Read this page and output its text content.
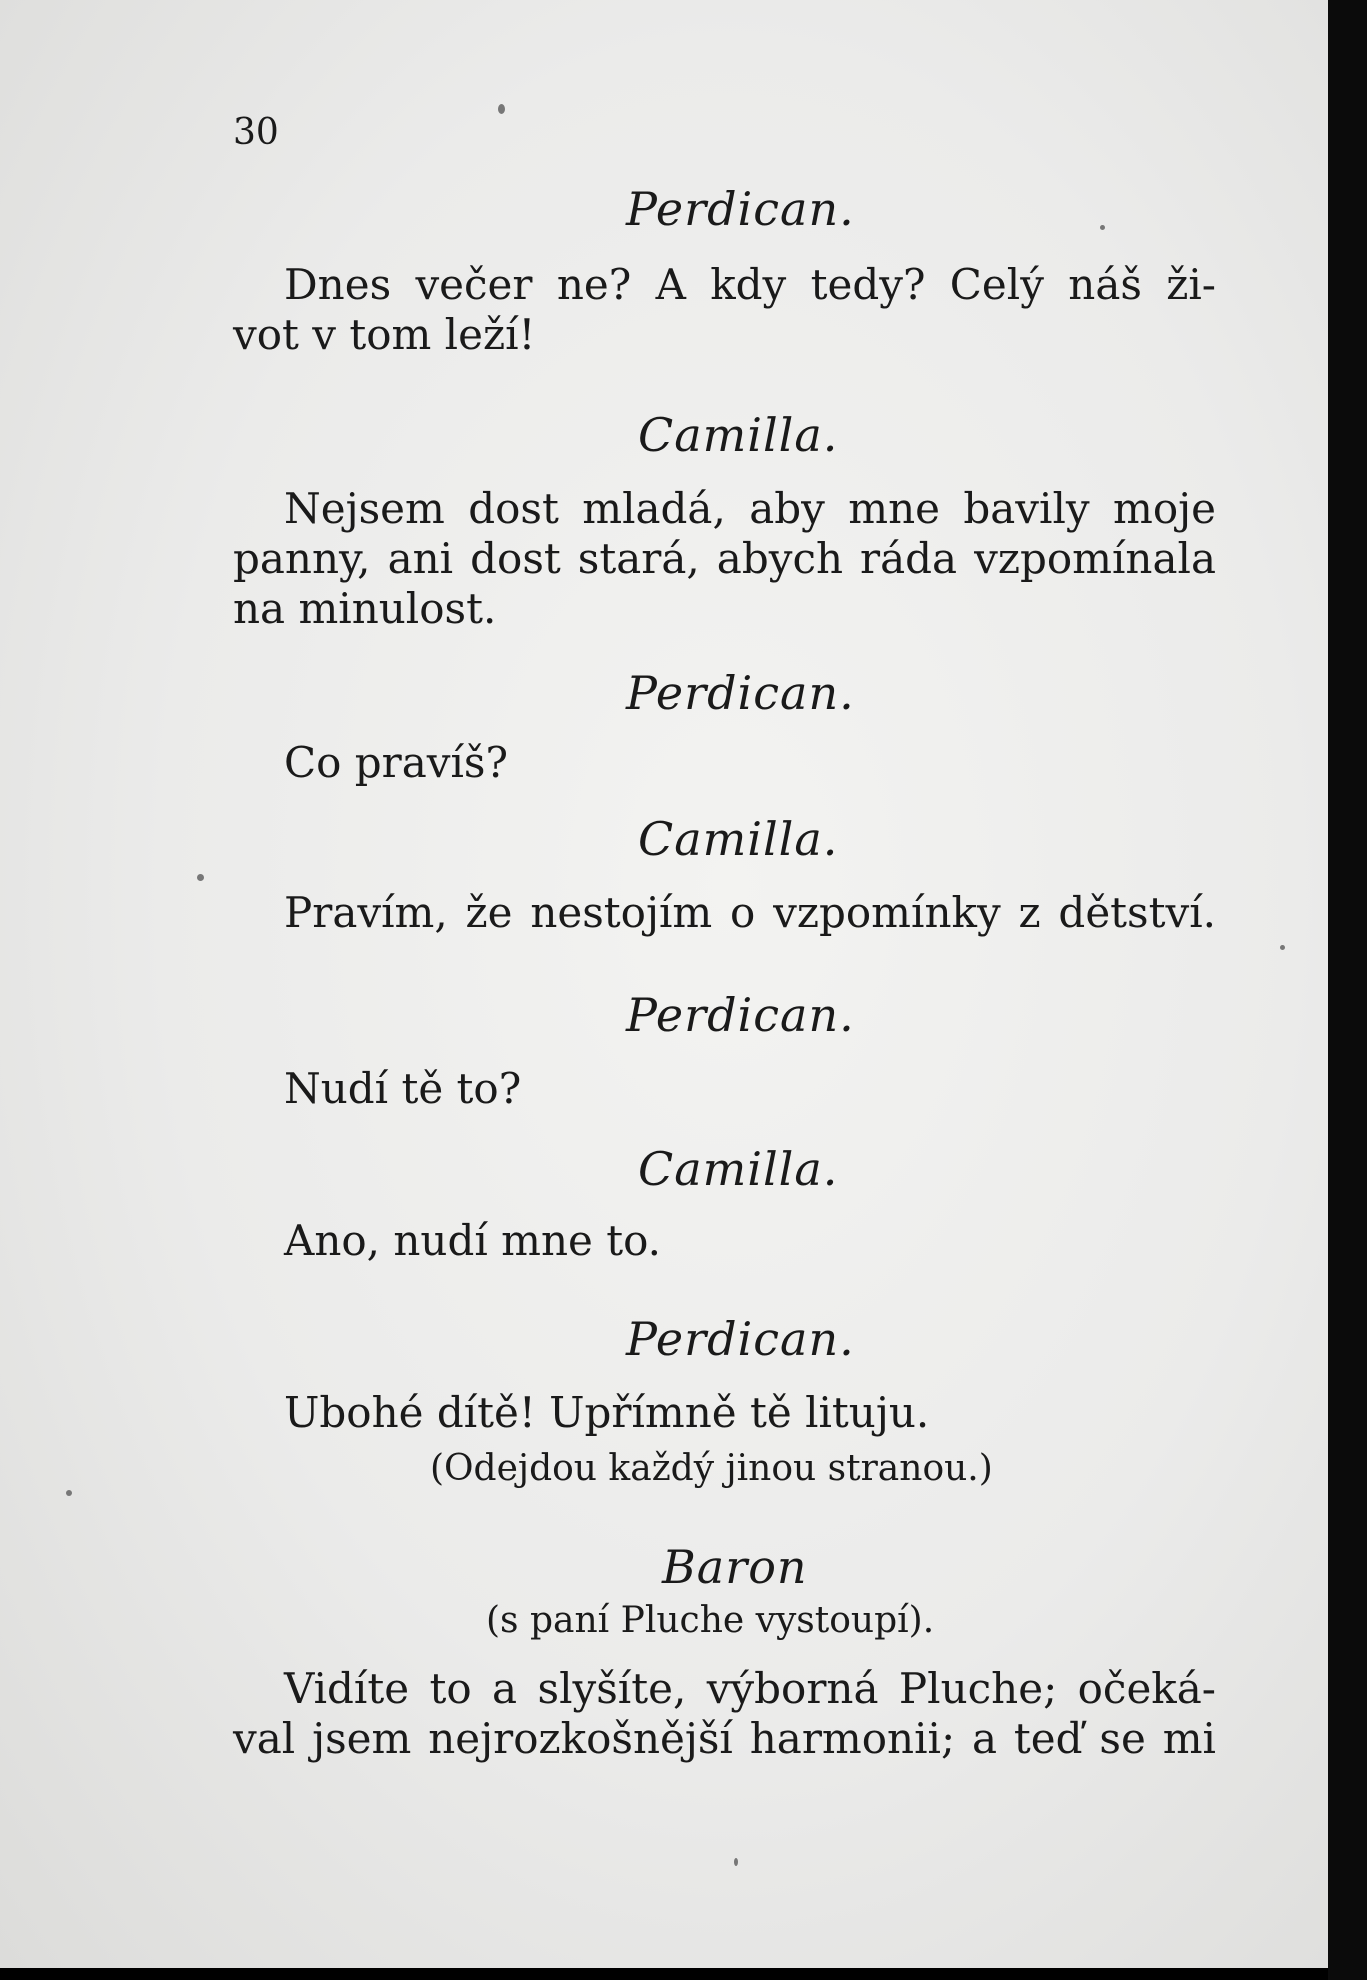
30
Perdican.
Dnes večer ne? A kdy tedy? Celý náš ži-
vot v tom leží!
Camilla.
Nejsem dost mladá, aby mne bavily moje
panny, ani dost stará, abych ráda vzpomínala
na minulost.
Perdican.
Co pravíš?
Camilla.
Pravím, že nestojím o vzpomínky z dětství.
Perdican.
Nudí tě to?
Camilla.
Ano, nudí mne to.
Perdican.
Ubohé dítě! Upřímně tě lituju.
(Odejdou každý jinou stranou.)
Baron
(s paní Pluche vystoupí).
Vidíte to a slyšíte, výborná Pluche; očeká-
val jsem nejrozkošnější harmonii; a teď se mi
